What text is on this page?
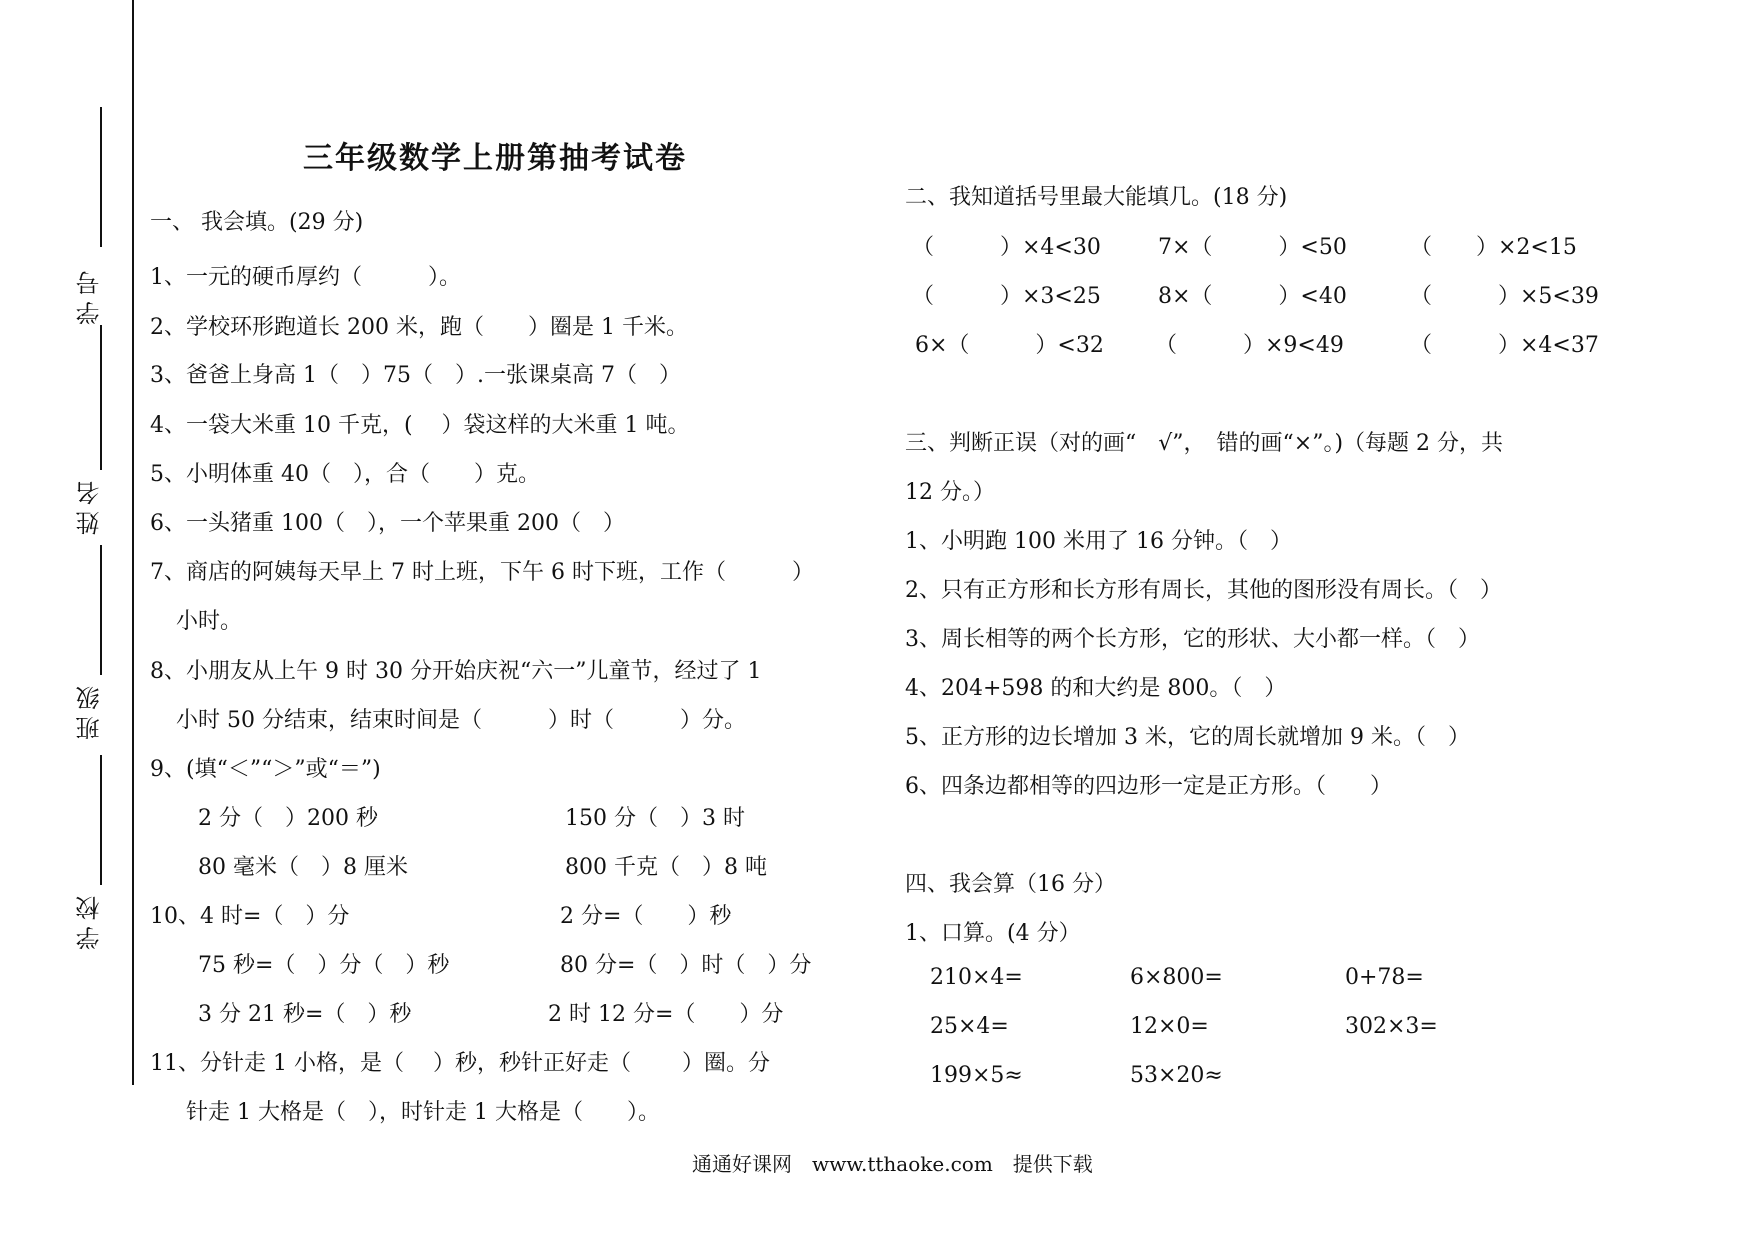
学号
姓名
班级
学校
三年级数学上册第抽考试卷
一、 我会填。(29 分)
1、一元的硬币厚约（　　　）。
2、学校环形跑道长 200 米，跑（　　）圈是 1 千米。
3、爸爸上身高 1（　）75（　）.一张课桌高 7（　）
4、一袋大米重 10 千克，(　 ）袋这样的大米重 1 吨。
5、小明体重 40（　），合（　　）克。
6、一头猪重 100（　），一个苹果重 200（　）
7、商店的阿姨每天早上 7 时上班，下午 6 时下班，工作（　　　）
小时。
8、小朋友从上午 9 时 30 分开始庆祝“六一”儿童节，经过了 1
小时 50 分结束，结束时间是（　　　）时（　　　）分。
9、(填“＜”“＞”或“＝”)
2 分（　）200 秒	150 分（　）3 时
80 毫米（　）8 厘米	800 千克（　）8 吨
10、4 时=（　）分	2 分=（　　）秒
75 秒=（　）分（　）秒	80 分=（　）时（　）分
3 分 21 秒=（　）秒	2 时 12 分=（　　）分
11、分针走 1 小格，是（　 ）秒，秒针正好走（　　 ）圈。分
针走 1 大格是（　），时针走 1 大格是（　　）。
二、我知道括号里最大能填几。(18 分)
（　　　）×4<30	7×（　　　）<50	（　　）×2<15
（　　　）×3<25	8×（　　　）<40	（　　　）×5<39
6×（　　　）<32 （　　　）×9<49	（　　　）×4<37
三、判断正误（对的画“　√”，　错的画“×”。)（每题 2 分，共
12 分。）
1、小明跑 100 米用了 16 分钟。（　）
2、只有正方形和长方形有周长，其他的图形没有周长。（　）
3、周长相等的两个长方形，它的形状、大小都一样。（　）
4、204+598 的和大约是 800。（　）
5、正方形的边长增加 3 米，它的周长就增加 9 米。（　）
6、四条边都相等的四边形一定是正方形。（　　）
四、我会算（16 分）
1、口算。(4 分）
210×4=	6×800=	0+78=
25×4=	12×0=	302×3=
199×5≈	53×20≈
通通好课网　www.tthaoke.com　提供下载
